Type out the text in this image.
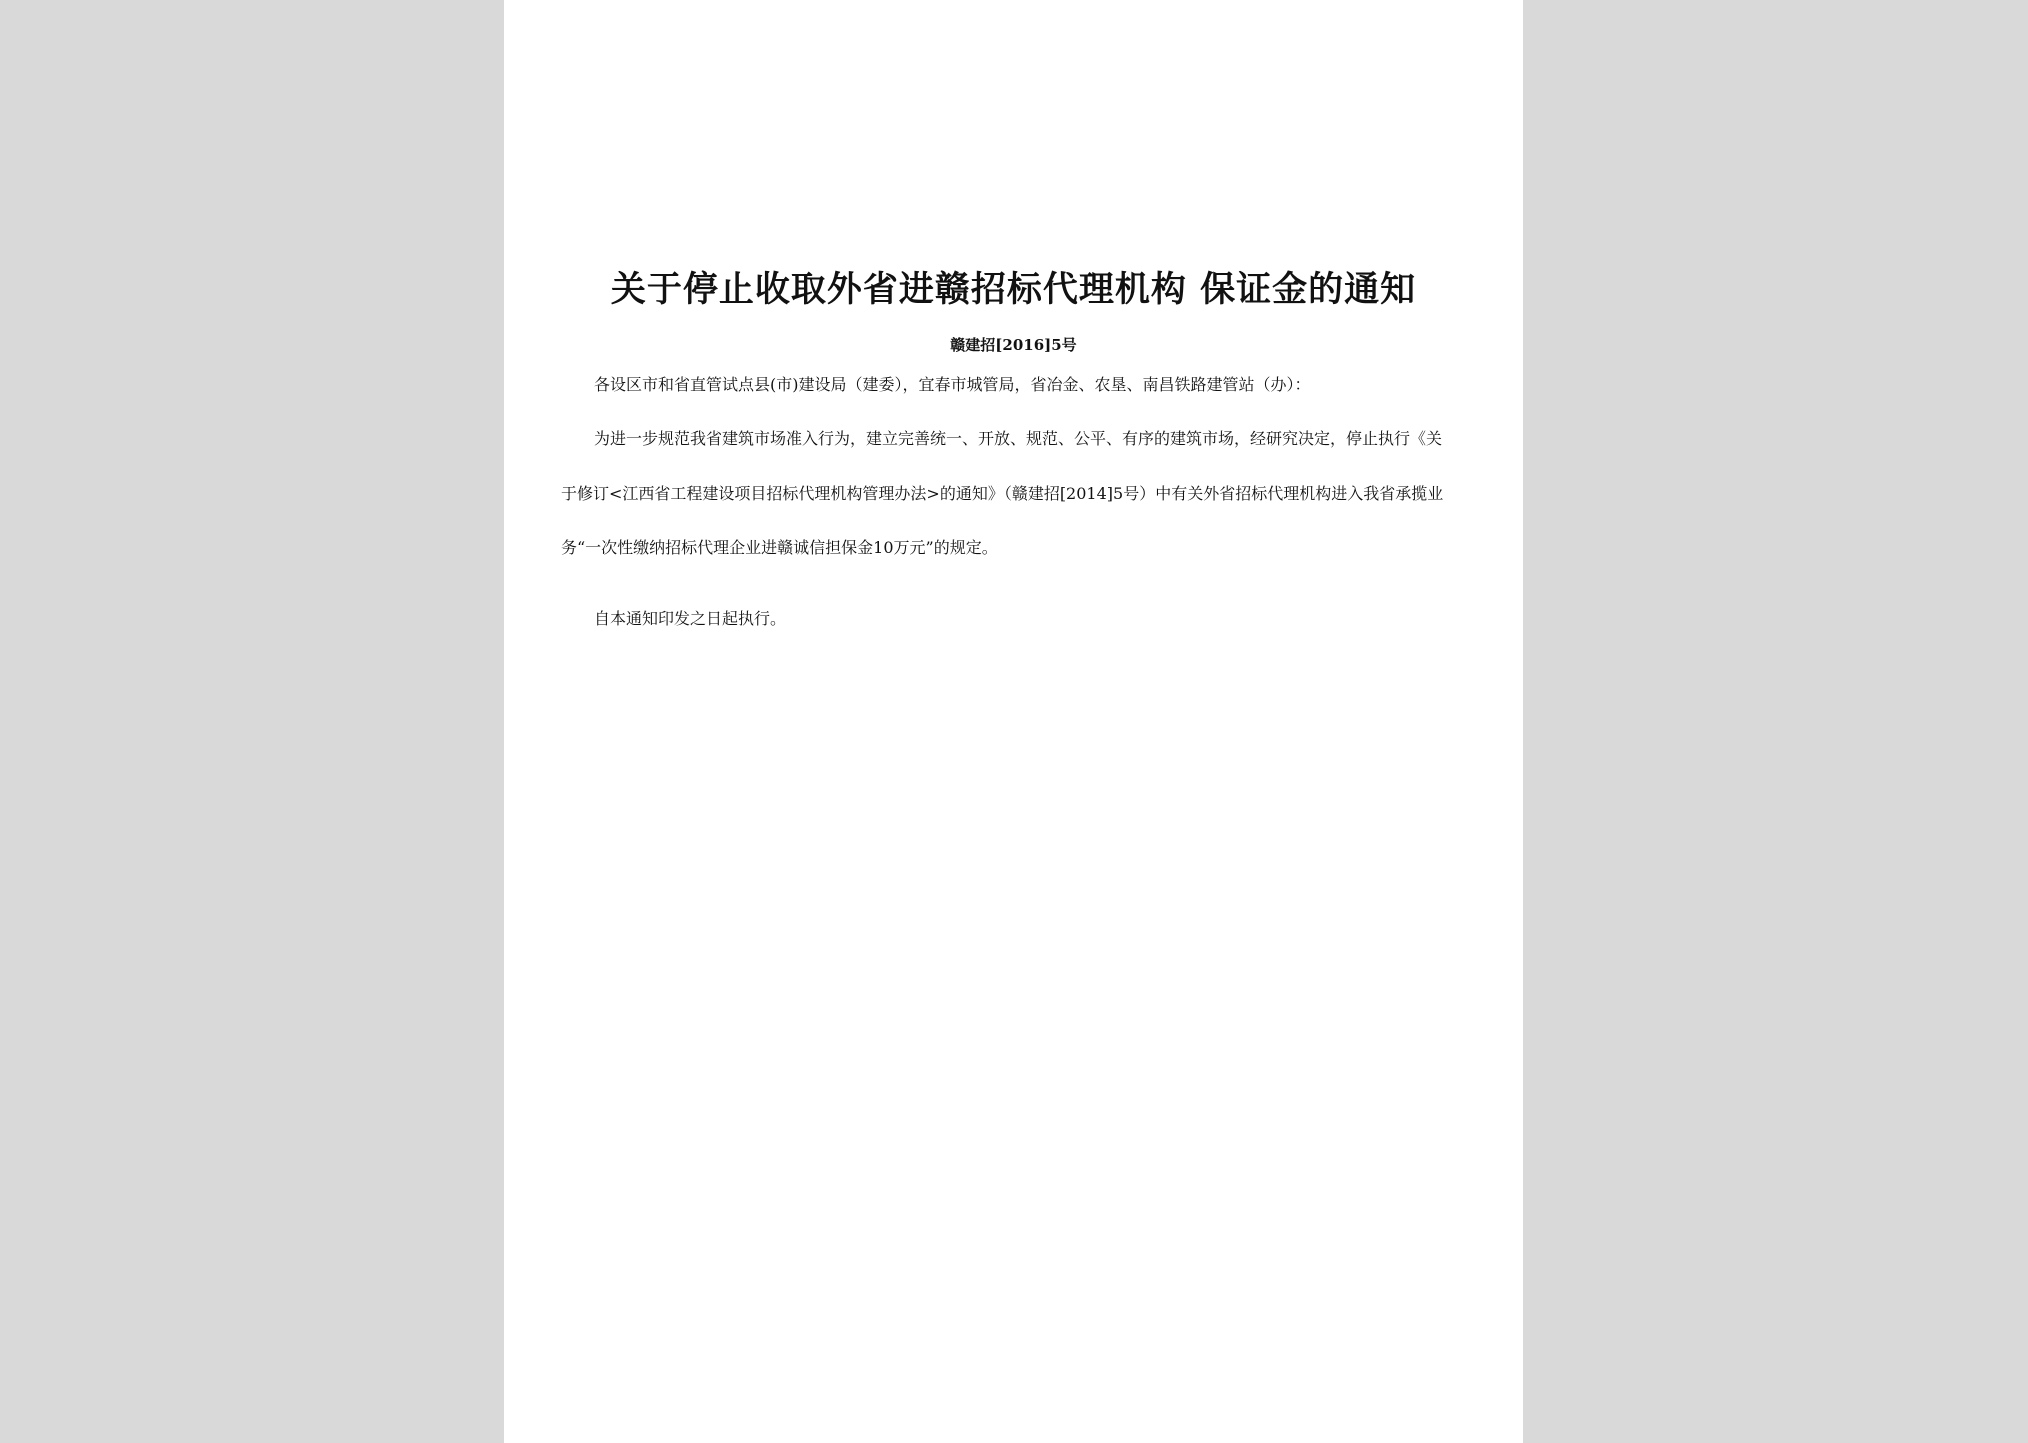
关于停止收取外省进赣招标代理机构 保证金的通知
赣建招[2016]5号
各设区市和省直管试点县(市)建设局（建委），宜春市城管局，省冶金、农垦、南昌铁路建管站（办）：
为进一步规范我省建筑市场准入行为，建立完善统一、开放、规范、公平、有序的建筑市场，经研究决定，停止执行《关
于修订<江西省工程建设项目招标代理机构管理办法>的通知》（赣建招[2014]5号）中有关外省招标代理机构进入我省承揽业
务“一次性缴纳招标代理企业进赣诚信担保金10万元”的规定。
自本通知印发之日起执行。
